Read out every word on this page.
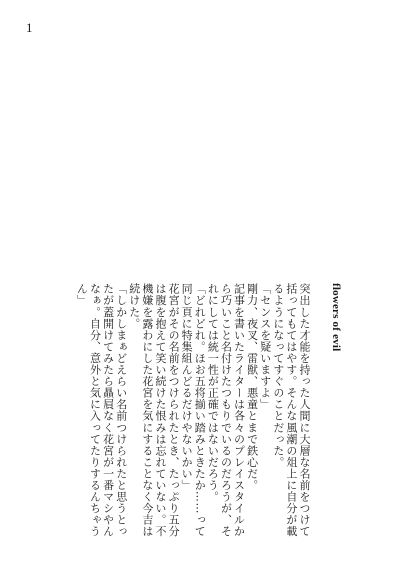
1
flowers of evil

突出した才能を持った人間に大層な名前をつけて括ってもてはやす。そんな風潮の俎上に自分が載るようになってすぐのことだった。

「センスを疑いますよ」

剛力、夜叉、雷獣、悪童とまで鉄心だ。

記事を書いたライターは各々のプレイスタイルから巧いこと名付けたつもりでいるのだろうが、それにしては統一性が正確ではないだろう。

「どれどれ。ほお五将揃い踏みときたか……って同じ頁に特集組んどるだけやないかい」

花宮がその名前をつけられたとき、たっぷり五分は腹を抱えて笑い続けた恨みは忘れていない。不機嫌を露わにした花宮を気にすることなく今吉は続けた。

「しかしまぁどえらい名前つけられたと思うとったが蓋開けてみたら贔屓なく花宮が一番マシやんなぁ。自分、意外と気に入ってたりするんちゃうん」
